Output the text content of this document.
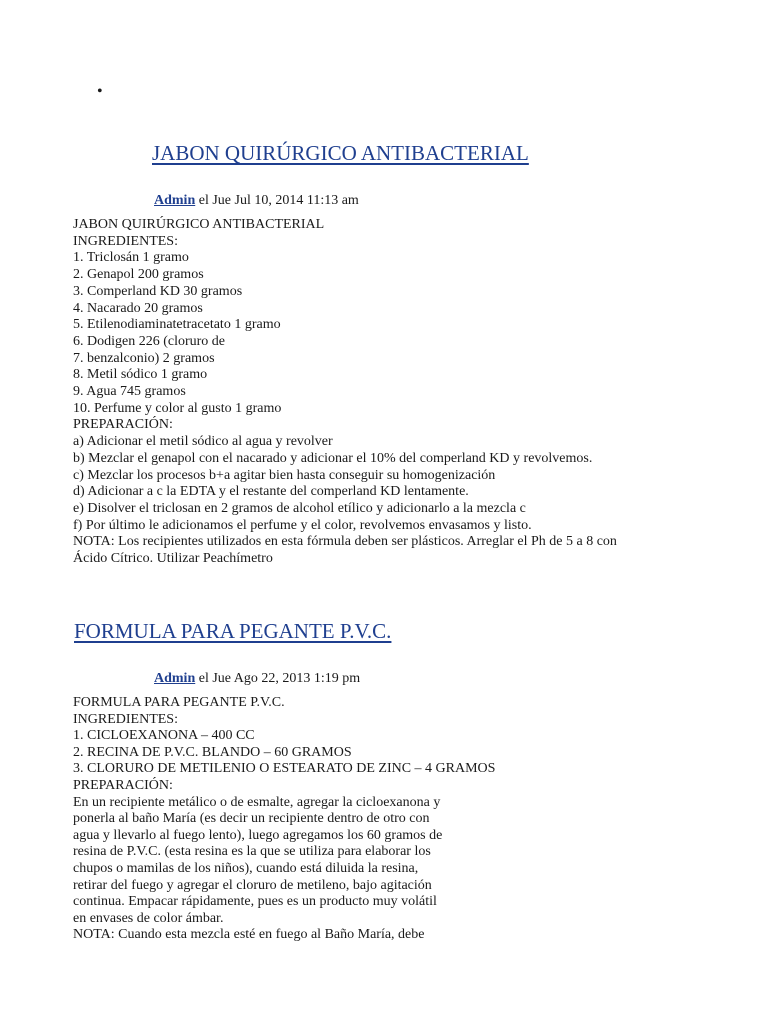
•
JABON QUIRÚRGICO ANTIBACTERIAL
Admin el Jue Jul 10, 2014 11:13 am
JABON QUIRÚRGICO ANTIBACTERIAL
INGREDIENTES:
1. Triclosán 1 gramo
2. Genapol 200 gramos
3. Comperland KD 30 gramos
4. Nacarado 20 gramos
5. Etilenodiaminatetracetato 1 gramo
6. Dodigen 226 (cloruro de
7. benzalconio) 2 gramos
8. Metil sódico 1 gramo
9. Agua 745 gramos
10. Perfume y color al gusto 1 gramo
PREPARACIÓN:
a) Adicionar el metil sódico al agua y revolver
b) Mezclar el genapol con el nacarado y adicionar el 10% del comperland KD y revolvemos.
c) Mezclar los procesos b+a agitar bien hasta conseguir su homogenización
d) Adicionar a c la EDTA y el restante del comperland KD lentamente.
e) Disolver el triclosan en 2 gramos de alcohol etílico y adicionarlo a la mezcla c
f) Por último le adicionamos el perfume y el color, revolvemos envasamos y listo.
NOTA: Los recipientes utilizados en esta fórmula deben ser plásticos. Arreglar el Ph de 5 a 8 con
Ácido Cítrico. Utilizar Peachímetro
FORMULA PARA PEGANTE P.V.C.
Admin el Jue Ago 22, 2013 1:19 pm
FORMULA PARA PEGANTE P.V.C.
INGREDIENTES:
1. CICLOEXANONA – 400 CC
2. RECINA DE P.V.C. BLANDO – 60 GRAMOS
3. CLORURO DE METILENIO O ESTEARATO DE ZINC – 4 GRAMOS
PREPARACIÓN:
En un recipiente metálico o de esmalte, agregar la cicloexanona y
ponerla al baño María (es decir un recipiente dentro de otro con
agua y llevarlo al fuego lento), luego agregamos los 60 gramos de
resina de P.V.C. (esta resina es la que se utiliza para elaborar los
chupos o mamilas de los niños), cuando está diluida la resina,
retirar del fuego y agregar el cloruro de metileno, bajo agitación
continua. Empacar rápidamente, pues es un producto muy volátil
en envases de color ámbar.
NOTA: Cuando esta mezcla esté en fuego al Baño María, debe
